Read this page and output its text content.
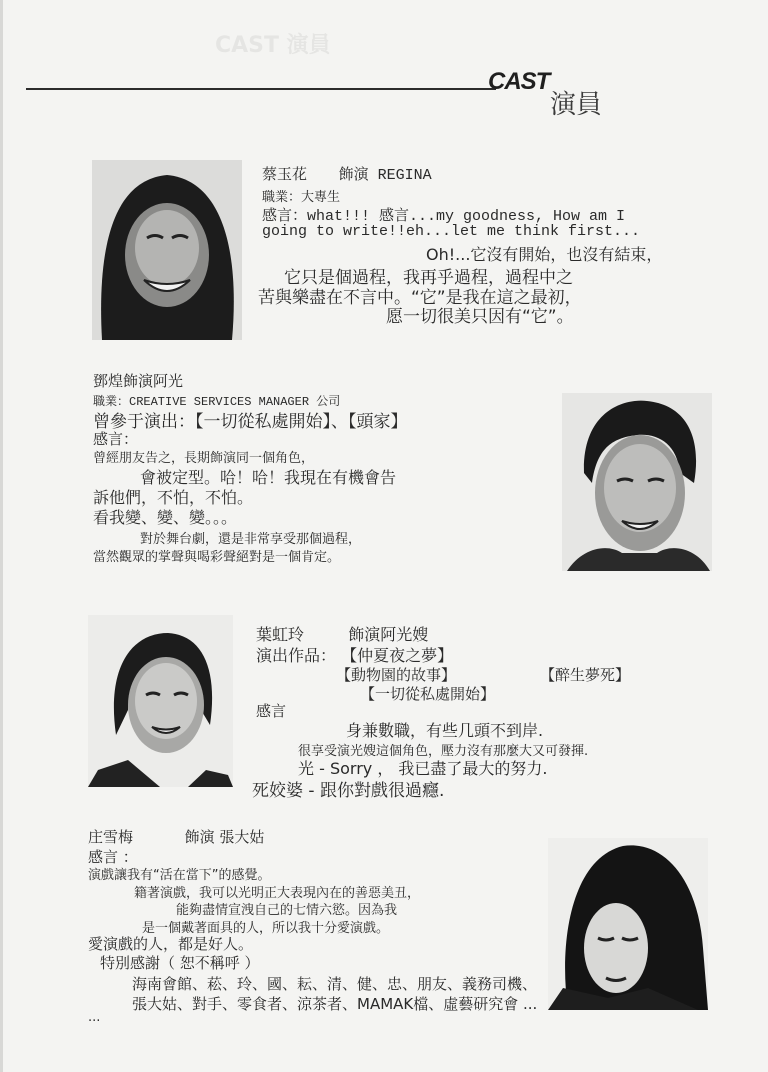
CAST 演員
CAST
演員
蔡玉花 飾演 REGINA
職業：大專生
感言：what!!! 感言...my goodness, How am I
going to write!!eh...let me think first...
Oh!...它沒有開始，也沒有結束，
它只是個過程，我再乎過程，過程中之
苦與樂盡在不言中。“它”是我在這之最初，
愿一切很美只因有“它”。
鄧煌飾演阿光
職業：CREATIVE SERVICES MANAGER 公司
曾參于演出：【一切從私處開始】、【頭家】
感言：
曾經朋友告之，長期飾演同一個角色，
會被定型。哈！哈！我現在有機會告
訴他們，不怕，不怕。
看我變、變、變。。。
對於舞台劇，還是非常享受那個過程，
當然觀眾的掌聲與喝彩聲絕對是一個肯定。
葉虹玲	飾演阿光嫂
演出作品： 【仲夏夜之夢】
【動物園的故事】	【醉生夢死】
【一切從私處開始】
感言
身兼數職，有些几頭不到岸.
很享受演光嫂這個角色，壓力沒有那麼大又可發揮.
光 - Sorry ， 我已盡了最大的努力.
死姣婆 - 跟你對戲很過癮.
庄雪梅	飾演 張大姑
感言 ：
演戲讓我有“活在當下”的感覺。
籍著演戲，我可以光明正大表現內在的善惡美丑，
能夠盡情宣洩自己的七情六慾。因為我
是一個戴著面具的人，所以我十分愛演戲。
愛演戲的人，都是好人。
特別感謝（ 恕不稱呼 ）
海南會館、菘、玲、國、耘、清、健、忠、朋友、義務司機、
張大姑、對手、零食者、涼茶者、MAMAK檔、虛藝研究會 ...
...
